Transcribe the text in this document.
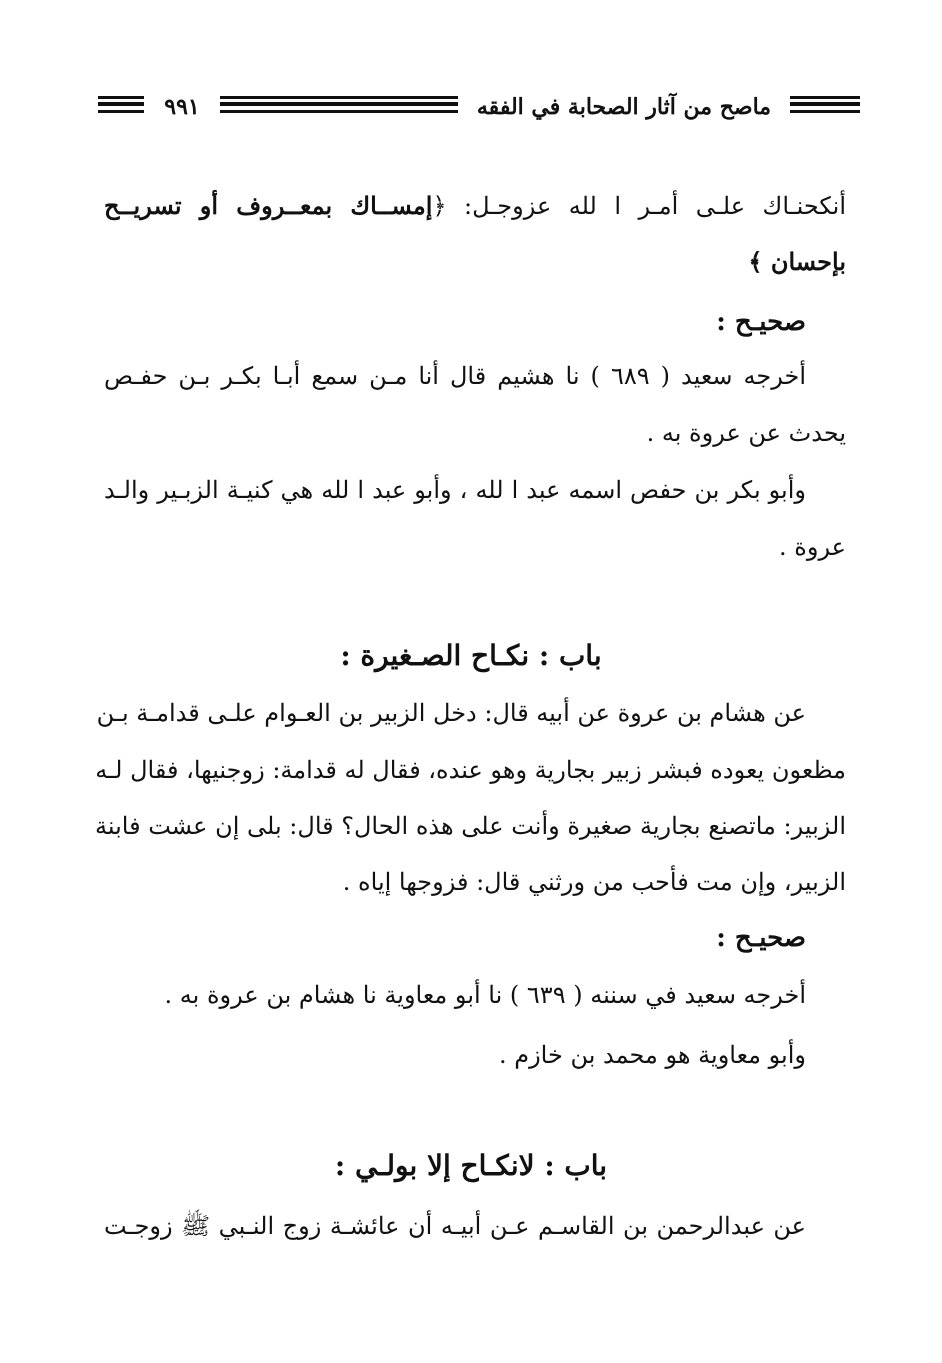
٩٩١	ماصح من آثار الصحابة في الفقه
أنكحنـاك علـى أمـر ا لله عزوجـل: ﴿إمســاك بمعــروف أو تسريــح
بإحسان ﴾
صحيـح :
أخرجه سعيد ( ٦٨٩ ) نا هشيم قال أنا مـن سمع أبـا بكـر بـن حفـص
يحدث عن عروة به .
وأبو بكر بن حفص اسمه عبد ا لله ، وأبو عبد ا لله هي كنيـة الزبـير والـد
عروة .
باب : نكـاح الصـغيرة :
عن هشام بن عروة عن أبيه قال: دخل الزبير بن العـوام علـى قدامـة بـن
مظعون يعوده فبشر زبير بجارية وهو عنده، فقال له قدامة: زوجنيها، فقال لـه
الزبير: ماتصنع بجارية صغيرة وأنت على هذه الحال؟ قال: بلى إن عشت فابنة
الزبير، وإن مت فأحب من ورثني قال: فزوجها إياه .
صحيـح :
أخرجه سعيد في سننه ( ٦٣٩ ) نا أبو معاوية نا هشام بن عروة به .
وأبو معاوية هو محمد بن خازم .
باب : لانكـاح إلا بولـي :
عن عبدالرحمن بن القاسـم عـن أبيـه أن عائشـة زوج النـبي ﷺ زوجـت
